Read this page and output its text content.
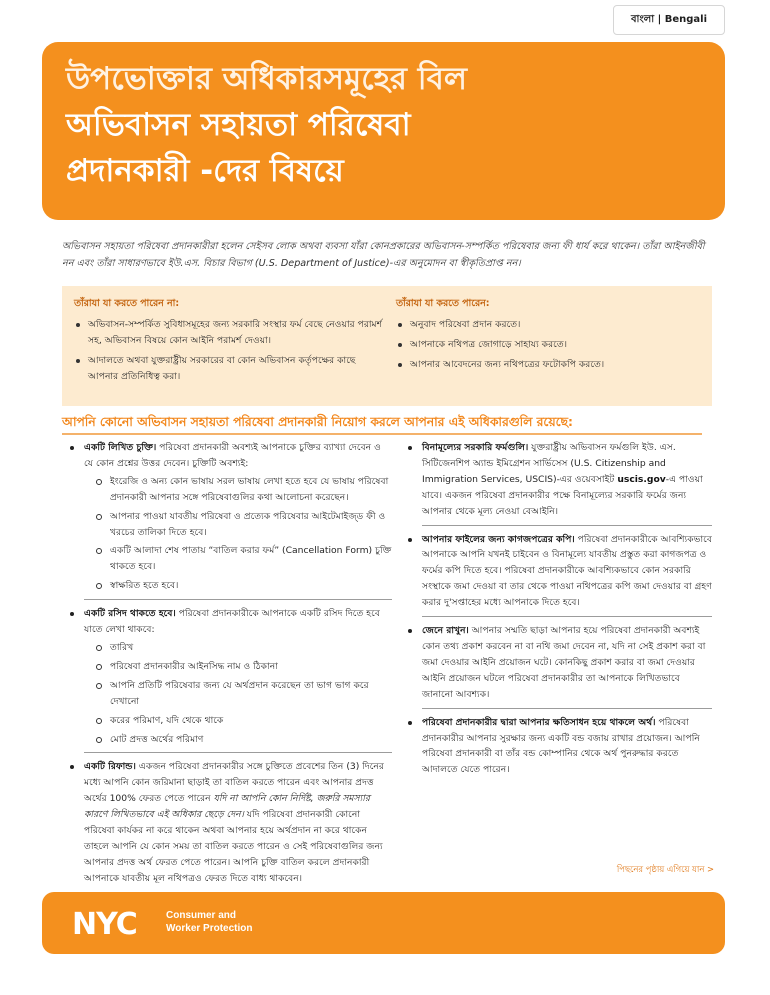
বাংলা | Bengali
উপভোক্তার অধিকারসমূহের বিল
অভিবাসন সহায়তা পরিষেবা
প্রদানকারী -দের বিষয়ে

অভিবাসন সহায়তা পরিষেবা প্রদানকারীরা হলেন সেইসব লোক অথবা ব্যবসা যাঁরা কোনপ্রকারের অভিবাসন-সম্পর্কিত পরিষেবার জন্য ফী ধার্য করে থাকেন। তাঁরা আইনজীবী নন এবং তাঁরা সাধারণভাবে ইউ.এস. বিচার বিভাগ (U.S. Department of Justice)-এর অনুমোদন বা স্বীকৃতিপ্রাপ্ত নন।

তাঁরাযা যা করতে পারেন না:
অভিবাসন-সম্পর্কিত সুবিধাসমূহের জন্য সরকারি সংস্থার ফর্ম বেছে নেওয়ার পরামর্শ সহ, অভিবাসন বিষয়ে কোন আইনি পরামর্শ দেওয়া।
আদালতে অথবা যুক্তরাষ্ট্রীয় সরকারের বা কোন অভিবাসন কর্তৃপক্ষের কাছে আপনার প্রতিনিধিত্ব করা।
তাঁরাযা যা করতে পারেন:
অনুবাদ পরিষেবা প্রদান করতে।
আপনাকে নথিপত্র জোগাড়ে সাহায্য করতে।
আপনার আবেদনের জন্য নথিপত্রের ফটোকপি করতে।
আপনি কোনো অভিবাসন সহায়তা পরিষেবা প্রদানকারী নিয়োগ করলে আপনার এই অধিকারগুলি রয়েছে:
একটি লিখিত চুক্তি। পরিষেবা প্রদানকারী অবশ্যই আপনাকে চুক্তির ব্যাখ্যা দেবেন ও যে কোন প্রশ্নের উত্তর দেবেন। চুক্তিটি অবশ্যই:
ইংরেজি ও অন্য কোন ভাষায় সরল ভাষায় লেখা হতে হবে যে ভাষায় পরিষেবা প্রদানকারী আপনার সঙ্গে পরিষেবাগুলির কথা আলোচনা করেছেন।
আপনার পাওয়া যাবতীয় পরিষেবা ও প্রত্যেক পরিষেবার আইটেমাইজ্‌ড ফী ও খরচের তালিকা দিতে হবে।
একটি আলাদা শেষ পাতায় “বাতিল করার ফর্ম” (Cancellation Form) চুক্তি থাকতে হবে।
স্বাক্ষরিত হতে হবে।
একটি রসিদ থাকতে হবে। পরিষেবা প্রদানকারীকে আপনাকে একটি রসিদ দিতে হবে যাতে লেখা থাকবে:
তারিখ
পরিষেবা প্রদানকারীর আইনসিদ্ধ নাম ও ঠিকানা
আপনি প্রতিটি পরিষেবার জন্য যে অর্থপ্রদান করেছেন তা ভাগ ভাগ করে দেখানো
করের পরিমাণ, যদি থেকে থাকে
মোট প্রদত্ত অর্থের পরিমাণ
একটি রিফান্ড। একজন পরিষেবা প্রদানকারীর সঙ্গে চুক্তিতে প্রবেশের তিন (3) দিনের মধ্যে আপনি কোন জরিমানা ছাড়াই তা বাতিল করতে পারেন এবং আপনার প্রদত্ত অর্থের 100% ফেরত পেতে পারেন যদি না আপনি কোন নির্দিষ্ট, জরুরি সমস্যার কারণে লিখিতভাবে এই অধিকার ছেড়ে দেন। যদি পরিষেবা প্রদানকারী কোনো পরিষেবা কার্যকর না করে থাকেন অথবা আপনার হয়ে অর্থপ্রদান না করে থাকেন তাহলে আপনি যে কোন সময় তা বাতিল করতে পারেন ও সেই পরিষেবাগুলির জন্য আপনার প্রদত্ত অর্থ ফেরত পেতে পারেন। আপনি চুক্তি বাতিল করলে প্রদানকারী আপনাকে যাবতীয় মূল নথিপত্রও ফেরত দিতে বাধ্য থাকবেন।
বিনামূল্যের সরকারি ফর্মগুলি। যুক্তরাষ্ট্রীয় অভিবাসন ফর্মগুলি ইউ. এস. সিটিজেনশিপ অ্যান্ড ইমিগ্রেশন সার্ভিসেস (U.S. Citizenship and Immigration Services, USCIS)-এর ওয়েবসাইট uscis.gov-এ পাওয়া যাবে। একজন পরিষেবা প্রদানকারীর পক্ষে বিনামূল্যের সরকারি ফর্মের জন্য আপনার থেকে মূল্য নেওয়া বেআইনি।
আপনার ফাইলের জন্য কাগজপত্রের কপি। পরিষেবা প্রদানকারীকে আবশ্যিকভাবে আপনাকে আপনি যখনই চাইবেন ও বিনামূল্যে যাবতীয় প্রস্তুত করা কাগজপত্র ও ফর্মের কপি দিতে হবে। পরিষেবা প্রদানকারীকে আবশ্যিকভাবে কোন সরকারি সংস্থাকে জমা দেওয়া বা তার থেকে পাওয়া নথিপত্রের কপি জমা দেওয়ার বা গ্রহণ করার দু'সপ্তাহের মধ্যে আপনাকে দিতে হবে।
জেনে রাখুন। আপনার সম্মতি ছাড়া আপনার হয়ে পরিষেবা প্রদানকারী অবশ্যই কোন তথ্য প্রকাশ করবেন না বা নথি জমা দেবেন না, যদি না সেই প্রকাশ করা বা জমা দেওয়ার আইনি প্রয়োজন ঘটে। কোনকিছু প্রকাশ করার বা জমা দেওয়ার আইনি প্রয়োজন ঘটলে পরিষেবা প্রদানকারীর তা আপনাকে লিখিতভাবে জানানো আবশ্যক।
পরিষেবা প্রদানকারীর দ্বারা আপনার ক্ষতিসাধন হয়ে থাকলে অর্থ। পরিষেবা প্রদানকারীর আপনার সুরক্ষার জন্য একটি বন্ড বজায় রাখার প্রয়োজন। আপনি পরিষেবা প্রদানকারী বা তাঁর বন্ড কোম্পানির থেকে অর্থ পুনরুদ্ধার করতে আদালতে যেতে পারেন।
পিছনের পৃষ্ঠায় এগিয়ে যান >
NYC	Consumer and
Worker Protection
